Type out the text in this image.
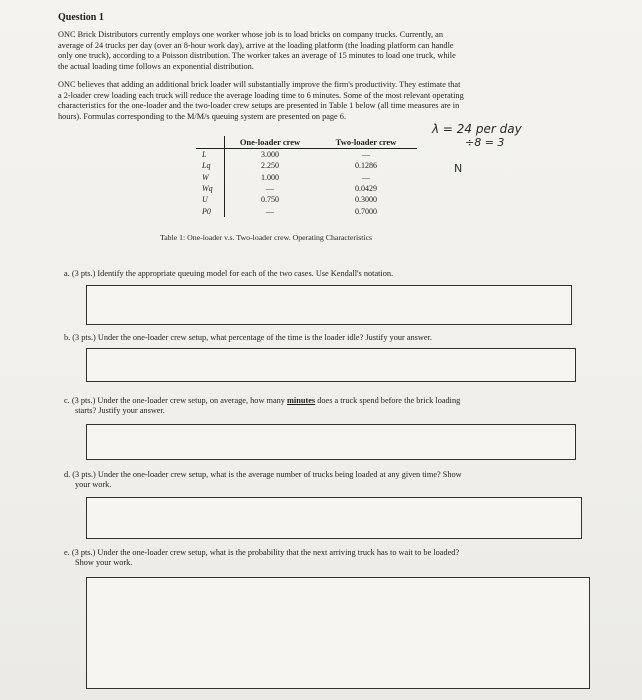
Question 1
ONC Brick Distributors currently employs one worker whose job is to load bricks on company trucks. Currently, an
average of 24 trucks per day (over an 8-hour work day), arrive at the loading platform (the loading platform can handle
only one truck), according to a Poisson distribution. The worker takes an average of 15 minutes to load one truck, while
the actual loading time follows an exponential distribution.
ONC believes that adding an additional brick loader will substantially improve the firm's productivity. They estimate that
a 2-loader crew loading each truck will reduce the average loading time to 6 minutes. Some of the most relevant operating
characteristics for the one-loader and the two-loader crew setups are presented in Table 1 below (all time measures are in
hours). Formulas corresponding to the M/M/s queuing system are presented on page 6.
λ = 24 per day
÷8 = 3
N
	One-loader crew	Two-loader crew
L	3.000	—
Lq	2.250	0.1286
W	1.000	—
Wq	—	0.0429
U	0.750	0.3000
P0	—	0.7000
Table 1: One-loader v.s. Two-loader crew. Operating Characteristics
a. (3 pts.) Identify the appropriate queuing model for each of the two cases. Use Kendall's notation.
b. (3 pts.) Under the one-loader crew setup, what percentage of the time is the loader idle? Justify your answer.
c. (3 pts.) Under the one-loader crew setup, on average, how many minutes does a truck spend before the brick loading
starts? Justify your answer.
d. (3 pts.) Under the one-loader crew setup, what is the average number of trucks being loaded at any given time? Show
your work.
e. (3 pts.) Under the one-loader crew setup, what is the probability that the next arriving truck has to wait to be loaded?
Show your work.
